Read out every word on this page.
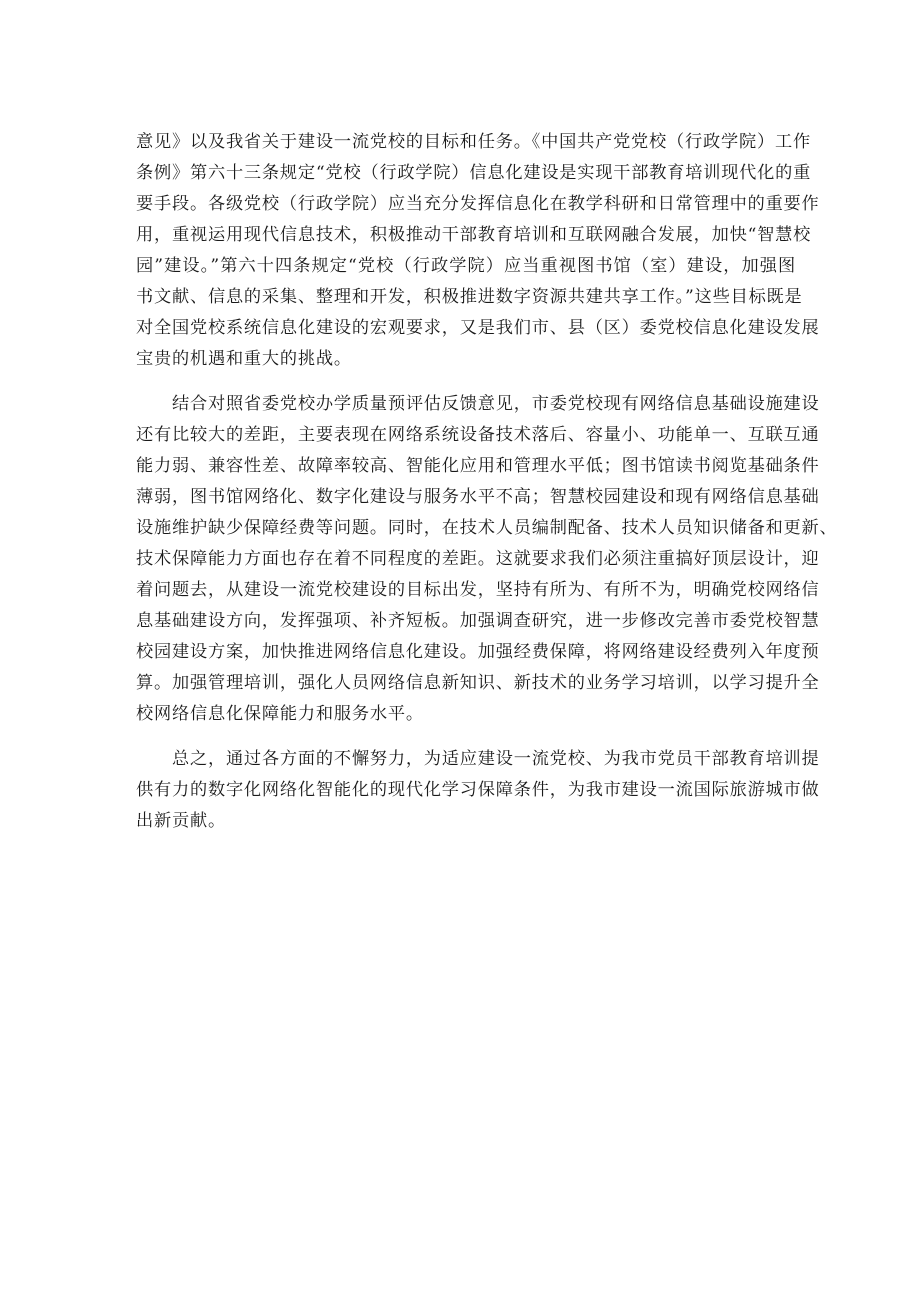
意见》以及我省关于建设一流党校的目标和任务。《中国共产党党校（行政学院）工作
条例》第六十三条规定“党校（行政学院）信息化建设是实现干部教育培训现代化的重
要手段。各级党校（行政学院）应当充分发挥信息化在教学科研和日常管理中的重要作
用，重视运用现代信息技术，积极推动干部教育培训和互联网融合发展，加快“智慧校
园”建设。”第六十四条规定“党校（行政学院）应当重视图书馆（室）建设，加强图
书文献、信息的采集、整理和开发，积极推进数字资源共建共享工作。”这些目标既是
对全国党校系统信息化建设的宏观要求，又是我们市、县（区）委党校信息化建设发展
宝贵的机遇和重大的挑战。
　　结合对照省委党校办学质量预评估反馈意见，市委党校现有网络信息基础设施建设
还有比较大的差距，主要表现在网络系统设备技术落后、容量小、功能单一、互联互通
能力弱、兼容性差、故障率较高、智能化应用和管理水平低；图书馆读书阅览基础条件
薄弱，图书馆网络化、数字化建设与服务水平不高；智慧校园建设和现有网络信息基础
设施维护缺少保障经费等问题。同时，在技术人员编制配备、技术人员知识储备和更新、
技术保障能力方面也存在着不同程度的差距。这就要求我们必须注重搞好顶层设计，迎
着问题去，从建设一流党校建设的目标出发，坚持有所为、有所不为，明确党校网络信
息基础建设方向，发挥强项、补齐短板。加强调查研究，进一步修改完善市委党校智慧
校园建设方案，加快推进网络信息化建设。加强经费保障，将网络建设经费列入年度预
算。加强管理培训，强化人员网络信息新知识、新技术的业务学习培训，以学习提升全
校网络信息化保障能力和服务水平。
　　总之，通过各方面的不懈努力，为适应建设一流党校、为我市党员干部教育培训提
供有力的数字化网络化智能化的现代化学习保障条件，为我市建设一流国际旅游城市做
出新贡献。
